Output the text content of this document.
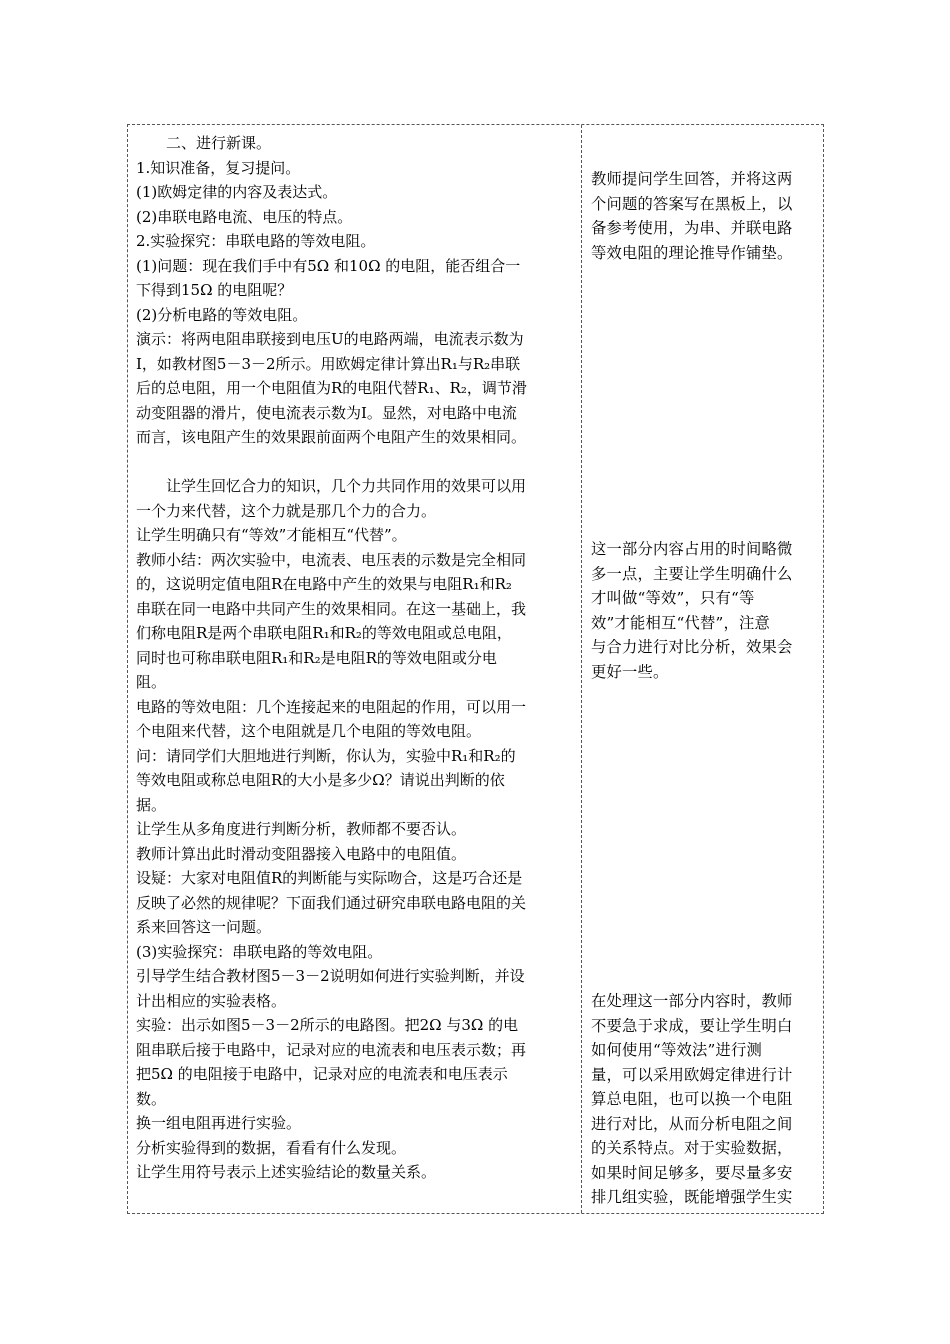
二、进行新课。
1.知识准备，复习提问。
(1)欧姆定律的内容及表达式。
(2)串联电路电流、电压的特点。
2.实验探究：串联电路的等效电阻。
(1)问题：现在我们手中有5Ω 和10Ω 的电阻，能否组合一
下得到15Ω 的电阻呢？
(2)分析电路的等效电阻。
演示：将两电阻串联接到电压U的电路两端，电流表示数为
I，如教材图5－3－2所示。用欧姆定律计算出R₁与R₂串联
后的总电阻，用一个电阻值为R的电阻代替R₁、R₂，调节滑
动变阻器的滑片，使电流表示数为I。显然，对电路中电流
而言，该电阻产生的效果跟前面两个电阻产生的效果相同。
让学生回忆合力的知识，几个力共同作用的效果可以用
一个力来代替，这个力就是那几个力的合力。
让学生明确只有“等效”才能相互“代替”。
教师小结：两次实验中，电流表、电压表的示数是完全相同
的，这说明定值电阻R在电路中产生的效果与电阻R₁和R₂
串联在同一电路中共同产生的效果相同。在这一基础上，我
们称电阻R是两个串联电阻R₁和R₂的等效电阻或总电阻，
同时也可称串联电阻R₁和R₂是电阻R的等效电阻或分电
阻。
电路的等效电阻：几个连接起来的电阻起的作用，可以用一
个电阻来代替，这个电阻就是几个电阻的等效电阻。
问：请同学们大胆地进行判断，你认为，实验中R₁和R₂的
等效电阻或称总电阻R的大小是多少Ω？请说出判断的依
据。
让学生从多角度进行判断分析，教师都不要否认。
教师计算出此时滑动变阻器接入电路中的电阻值。
设疑：大家对电阻值R的判断能与实际吻合，这是巧合还是
反映了必然的规律呢？下面我们通过研究串联电路电阻的关
系来回答这一问题。
(3)实验探究：串联电路的等效电阻。
引导学生结合教材图5－3－2说明如何进行实验判断，并设
计出相应的实验表格。
实验：出示如图5－3－2所示的电路图。把2Ω 与3Ω 的电
阻串联后接于电路中，记录对应的电流表和电压表示数；再
把5Ω 的电阻接于电路中，记录对应的电流表和电压表示
数。
换一组电阻再进行实验。
分析实验得到的数据，看看有什么发现。
让学生用符号表示上述实验结论的数量关系。
教师提问学生回答，并将这两
个问题的答案写在黑板上，以
备参考使用，为串、并联电路
等效电阻的理论推导作铺垫。
这一部分内容占用的时间略微
多一点，主要让学生明确什么
才叫做“等效”，只有“等
效”才能相互“代替”，注意
与合力进行对比分析，效果会
更好一些。
在处理这一部分内容时，教师
不要急于求成，要让学生明白
如何使用“等效法”进行测
量，可以采用欧姆定律进行计
算总电阻，也可以换一个电阻
进行对比，从而分析电阻之间
的关系特点。对于实验数据，
如果时间足够多，要尽量多安
排几组实验，既能增强学生实
